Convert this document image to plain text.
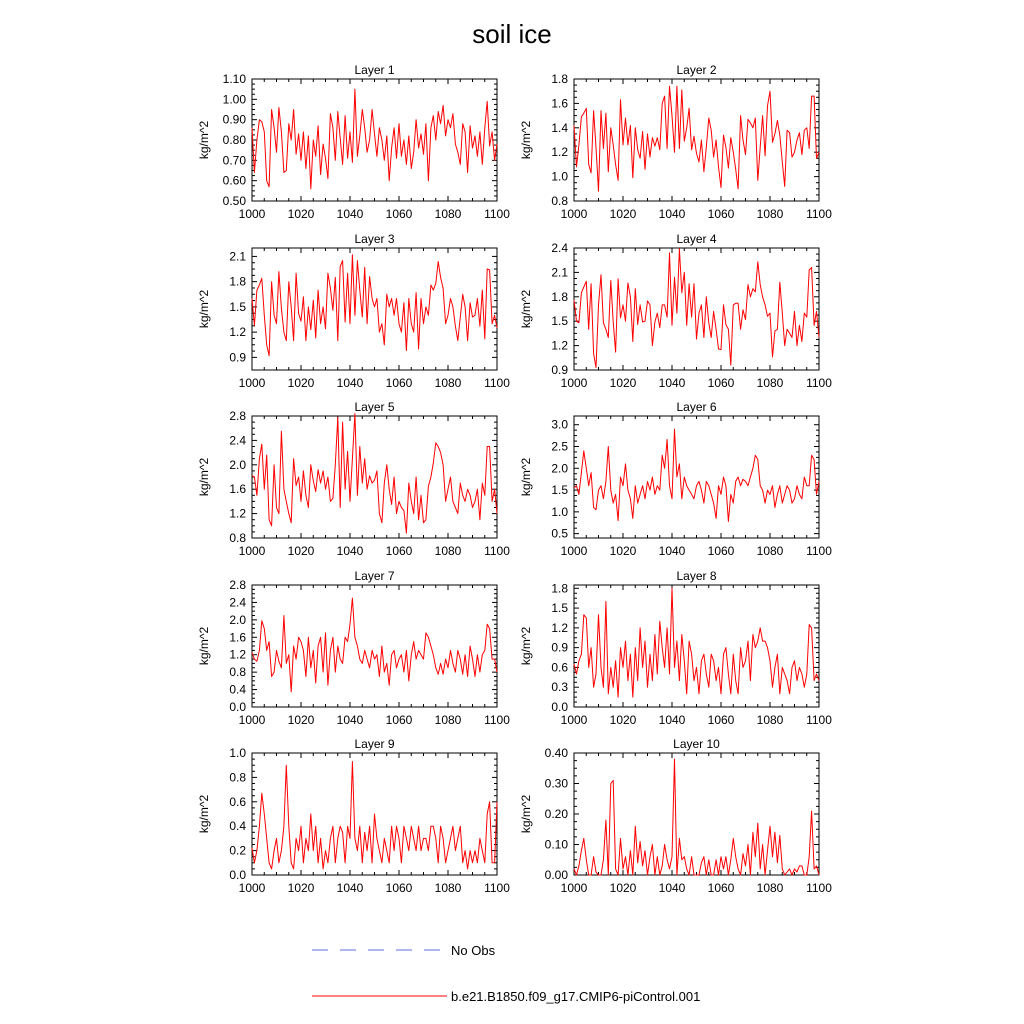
soil ice
Layer 1
kg/m^2
1000 1020 1040 1060 1080 1100
0.50
0.60
0.70
0.80
0.90
1.00
1.10
Layer 2
kg/m^2
1000 1020 1040 1060 1080 1100
0.8
1.0
1.2
1.4
1.6
1.8
Layer 3
kg/m^2
1000 1020 1040 1060 1080 1100
0.9
1.2
1.5
1.8
2.1
Layer 4
kg/m^2
1000 1020 1040 1060 1080 1100
0.9
1.2
1.5
1.8
2.1
2.4
Layer 5
kg/m^2
1000 1020 1040 1060 1080 1100
0.8
1.2
1.6
2.0
2.4
2.8
Layer 6
kg/m^2
1000 1020 1040 1060 1080 1100
0.5
1.0
1.5
2.0
2.5
3.0
Layer 7
kg/m^2
1000 1020 1040 1060 1080 1100
0.0
0.4
0.8
1.2
1.6
2.0
2.4
2.8
Layer 8
kg/m^2
1000 1020 1040 1060 1080 1100
0.0
0.3
0.6
0.9
1.2
1.5
1.8
Layer 9
kg/m^2
1000 1020 1040 1060 1080 1100
0.0
0.2
0.4
0.6
0.8
1.0
Layer 10
kg/m^2
1000 1020 1040 1060 1080 1100
0.00
0.10
0.20
0.30
0.40
No Obs
b.e21.B1850.f09_g17.CMIP6-piControl.001
